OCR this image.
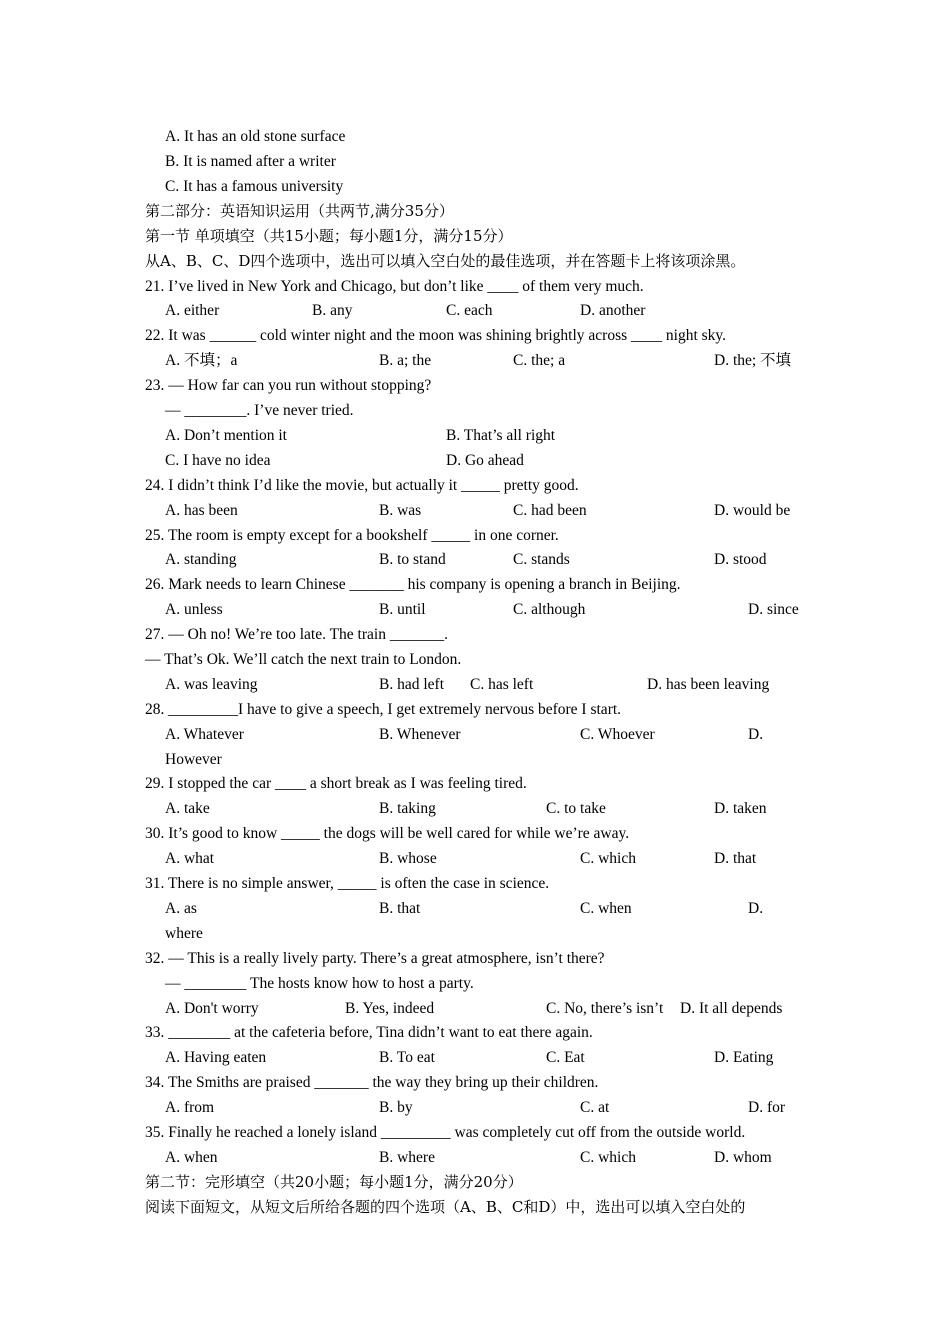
A. It has an old stone surface
B. It is named after a writer
C. It has a famous university
第二部分：英语知识运用（共两节,满分35分）
第一节 单项填空（共15小题；每小题1分，满分15分）
从A、B、C、D四个选项中，选出可以填入空白处的最佳选项，并在答题卡上将该项涂黑。
21. I’ve lived in New York and Chicago, but don’t like ____ of them very much.
A. either	B. any	C. each	D. another
22. It was ______ cold winter night and the moon was shining brightly across ____ night sky.
A. 不填；a	B. a; the	C. the; a	D. the; 不填
23. — How far can you run without stopping?
— ________. I’ve never tried.
A. Don’t mention it	B. That’s all right
C. I have no idea	D. Go ahead
24. I didn’t think I’d like the movie, but actually it _____ pretty good.
A. has been	B. was	C. had been	D. would be
25. The room is empty except for a bookshelf _____ in one corner.
A. standing	B. to stand	C. stands	D. stood
26. Mark needs to learn Chinese _______ his company is opening a branch in Beijing.
A. unless	B. until	C. although	D. since
27. — Oh no! We’re too late. The train _______.
— That’s Ok. We’ll catch the next train to London.
A. was leaving	B. had left C. has left	D. has been leaving
28. _________I have to give a speech, I get extremely nervous before I start.
A. Whatever	B. Whenever	C. Whoever	D.
However
29. I stopped the car ____ a short break as I was feeling tired.
A. take	B. taking	C. to take	D. taken
30. It’s good to know _____ the dogs will be well cared for while we’re away.
A. what	B. whose	C. which	D. that
31. There is no simple answer, _____ is often the case in science.
A. as	B. that	C. when	D.
where
32. — This is a really lively party. There’s a great atmosphere, isn’t there?
— ________ The hosts know how to host a party.
A. Don't worry	B. Yes, indeed	C. No, there’s isn’t D. It all depends
33. ________ at the cafeteria before, Tina didn’t want to eat there again.
A. Having eaten	B. To eat	C. Eat	D. Eating
34. The Smiths are praised _______ the way they bring up their children.
A. from	B. by	C. at	D. for
35. Finally he reached a lonely island _________ was completely cut off from the outside world.
A. when	B. where	C. which	D. whom
第二节：完形填空（共20小题；每小题1分，满分20分）
阅读下面短文，从短文后所给各题的四个选项（A、B、C和D）中，选出可以填入空白处的
